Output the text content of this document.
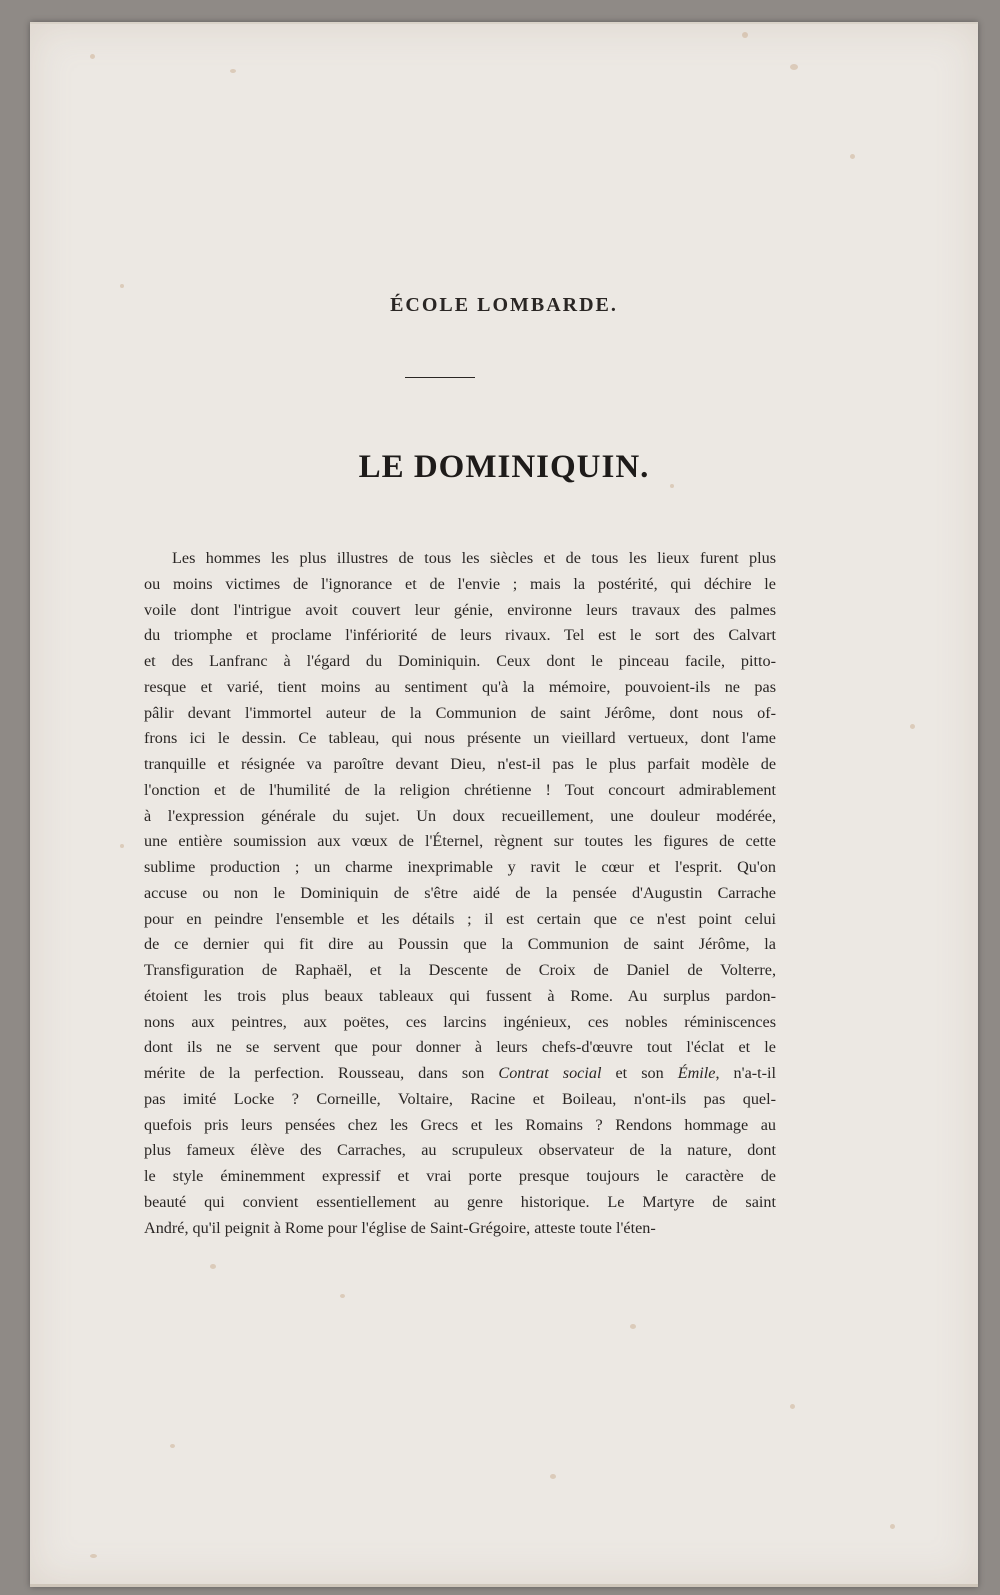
ÉCOLE LOMBARDE.
LE DOMINIQUIN.

Les hommes les plus illustres de tous les siècles et de tous les lieux furent plus
ou moins victimes de l'ignorance et de l'envie ; mais la postérité, qui déchire le
voile dont l'intrigue avoit couvert leur génie, environne leurs travaux des palmes
du triomphe et proclame l'infériorité de leurs rivaux. Tel est le sort des Calvart
et des Lanfranc à l'égard du Dominiquin. Ceux dont le pinceau facile, pitto-
resque et varié, tient moins au sentiment qu'à la mémoire, pouvoient-ils ne pas
pâlir devant l'immortel auteur de la Communion de saint Jérôme, dont nous of-
frons ici le dessin. Ce tableau, qui nous présente un vieillard vertueux, dont l'ame
tranquille et résignée va paroître devant Dieu, n'est-il pas le plus parfait modèle de
l'onction et de l'humilité de la religion chrétienne ! Tout concourt admirablement
à l'expression générale du sujet. Un doux recueillement, une douleur modérée,
une entière soumission aux vœux de l'Éternel, règnent sur toutes les figures de cette
sublime production ; un charme inexprimable y ravit le cœur et l'esprit. Qu'on
accuse ou non le Dominiquin de s'être aidé de la pensée d'Augustin Carrache
pour en peindre l'ensemble et les détails ; il est certain que ce n'est point celui
de ce dernier qui fit dire au Poussin que la Communion de saint Jérôme, la
Transfiguration de Raphaël, et la Descente de Croix de Daniel de Volterre,
étoient les trois plus beaux tableaux qui fussent à Rome. Au surplus pardon-
nons aux peintres, aux poëtes, ces larcins ingénieux, ces nobles réminiscences
dont ils ne se servent que pour donner à leurs chefs-d'œuvre tout l'éclat et le
mérite de la perfection. Rousseau, dans son Contrat social et son Émile, n'a-t-il
pas imité Locke ? Corneille, Voltaire, Racine et Boileau, n'ont-ils pas quel-
quefois pris leurs pensées chez les Grecs et les Romains ? Rendons hommage au
plus fameux élève des Carraches, au scrupuleux observateur de la nature, dont
le style éminemment expressif et vrai porte presque toujours le caractère de
beauté qui convient essentiellement au genre historique. Le Martyre de saint
André, qu'il peignit à Rome pour l'église de Saint-Grégoire, atteste toute l'éten-
